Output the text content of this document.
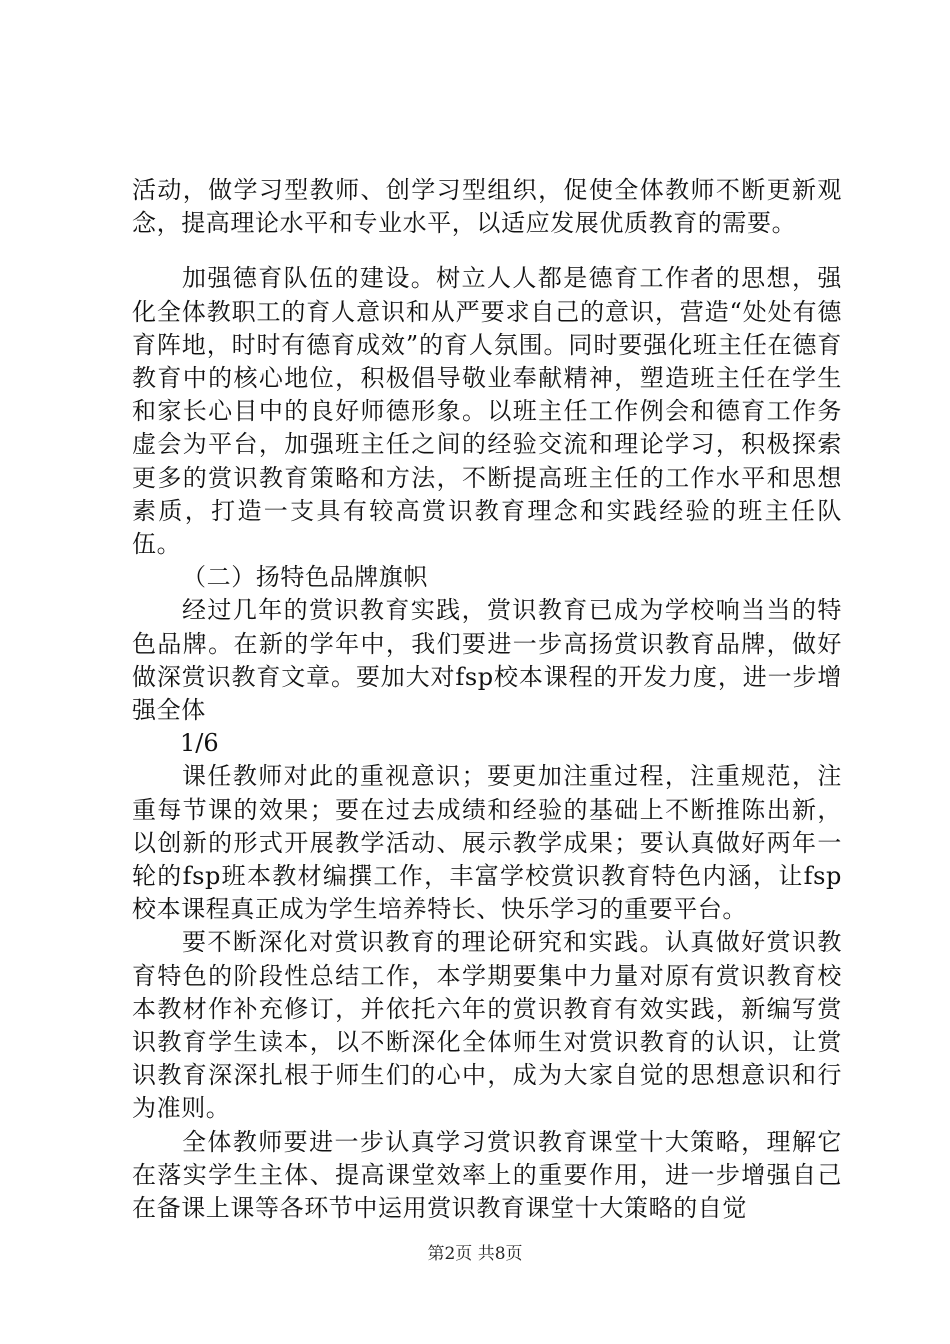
活动，做学习型教师、创学习型组织，促使全体教师不断更新观念，提高理论水平和专业水平，以适应发展优质教育的需要。

加强德育队伍的建设。树立人人都是德育工作者的思想，强化全体教职工的育人意识和从严要求自己的意识，营造“处处有德育阵地，时时有德育成效”的育人氛围。同时要强化班主任在德育教育中的核心地位，积极倡导敬业奉献精神，塑造班主任在学生和家长心目中的良好师德形象。以班主任工作例会和德育工作务虚会为平台，加强班主任之间的经验交流和理论学习，积极探索更多的赏识教育策略和方法，不断提高班主任的工作水平和思想素质，打造一支具有较高赏识教育理念和实践经验的班主任队伍。

（二）扬特色品牌旗帜

经过几年的赏识教育实践，赏识教育已成为学校响当当的特色品牌。在新的学年中，我们要进一步高扬赏识教育品牌，做好做深赏识教育文章。要加大对fsp校本课程的开发力度，进一步增强全体

1/6

课任教师对此的重视意识；要更加注重过程，注重规范，注重每节课的效果；要在过去成绩和经验的基础上不断推陈出新，以创新的形式开展教学活动、展示教学成果；要认真做好两年一轮的fsp班本教材编撰工作，丰富学校赏识教育特色内涵，让fsp校本课程真正成为学生培养特长、快乐学习的重要平台。

要不断深化对赏识教育的理论研究和实践。认真做好赏识教育特色的阶段性总结工作，本学期要集中力量对原有赏识教育校本教材作补充修订，并依托六年的赏识教育有效实践，新编写赏识教育学生读本，以不断深化全体师生对赏识教育的认识，让赏识教育深深扎根于师生们的心中，成为大家自觉的思想意识和行为准则。

全体教师要进一步认真学习赏识教育课堂十大策略，理解它在落实学生主体、提高课堂效率上的重要作用，进一步增强自己在备课上课等各环节中运用赏识教育课堂十大策略的自觉

第2页 共8页
